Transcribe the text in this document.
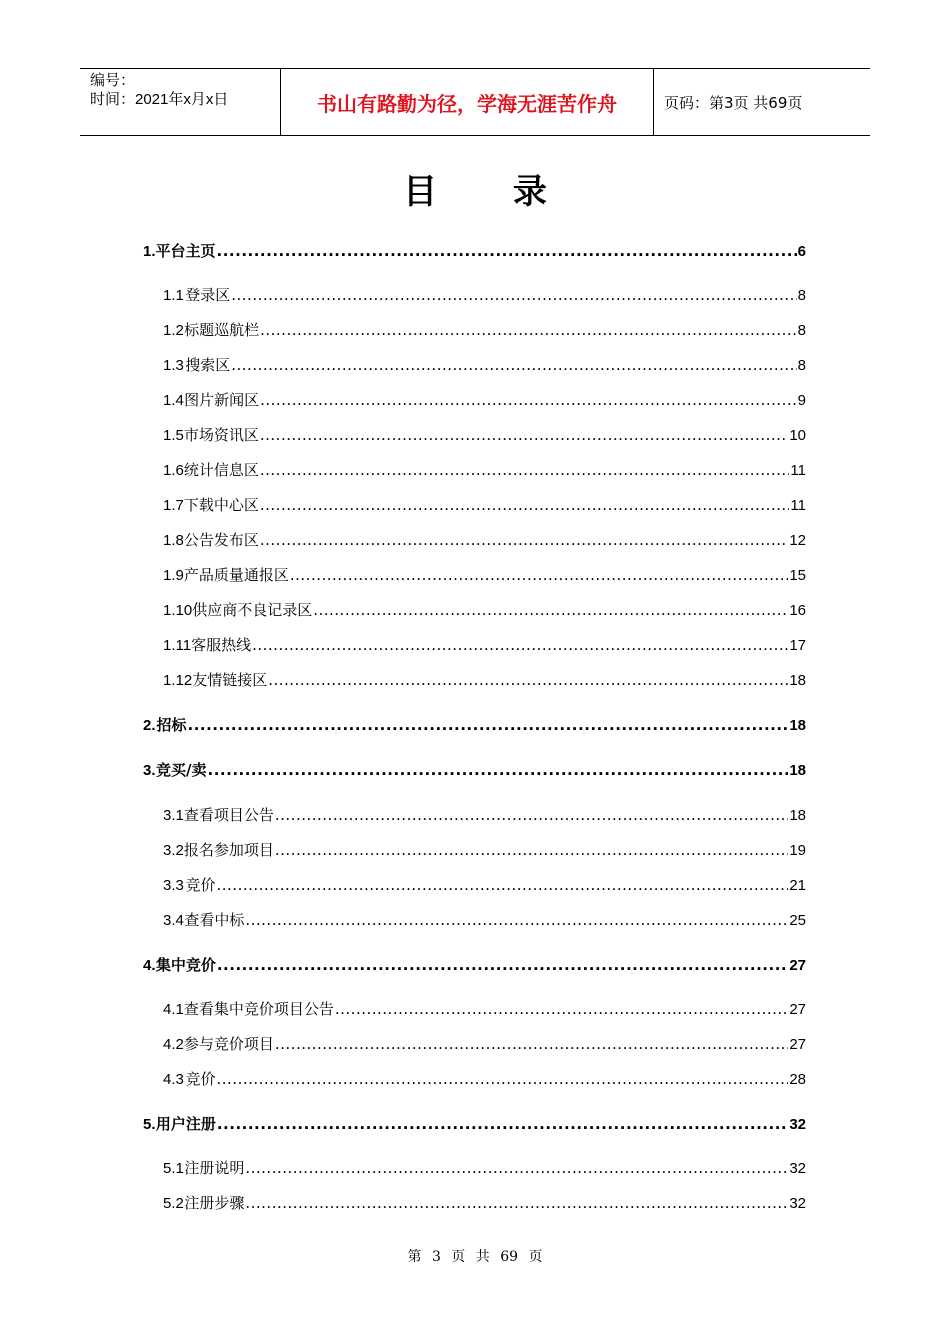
编号：
时间：2021年x月x日	书山有路勤为径，学海无涯苦作舟	页码：第3页 共69页
目 录
1. 平台主页 .....	6
1.1 登录区 .....	8
1.2 标题巡航栏 .....	8
1.3 搜索区 .....	8
1.4 图片新闻区 .....	9
1.5 市场资讯区 .....	10
1.6 统计信息区 .....	11
1.7 下载中心区 .....	11
1.8 公告发布区 .....	12
1.9 产品质量通报区 .....	15
1.10 供应商不良记录区 .....	16
1.11 客服热线 .....	17
1.12 友情链接区 .....	18
2. 招标 .....	18
3. 竞买/卖 .....	18
3.1 查看项目公告 .....	18
3.2 报名参加项目 .....	19
3.3 竞价 .....	21
3.4 查看中标 .....	25
4. 集中竞价 .....	27
4.1 查看集中竞价项目公告 .....	27
4.2 参与竞价项目 .....	27
4.3 竞价 .....	28
5. 用户注册 .....	32
5.1 注册说明 .....	32
5.2 注册步骤 .....	32
第 3 页 共 69 页
